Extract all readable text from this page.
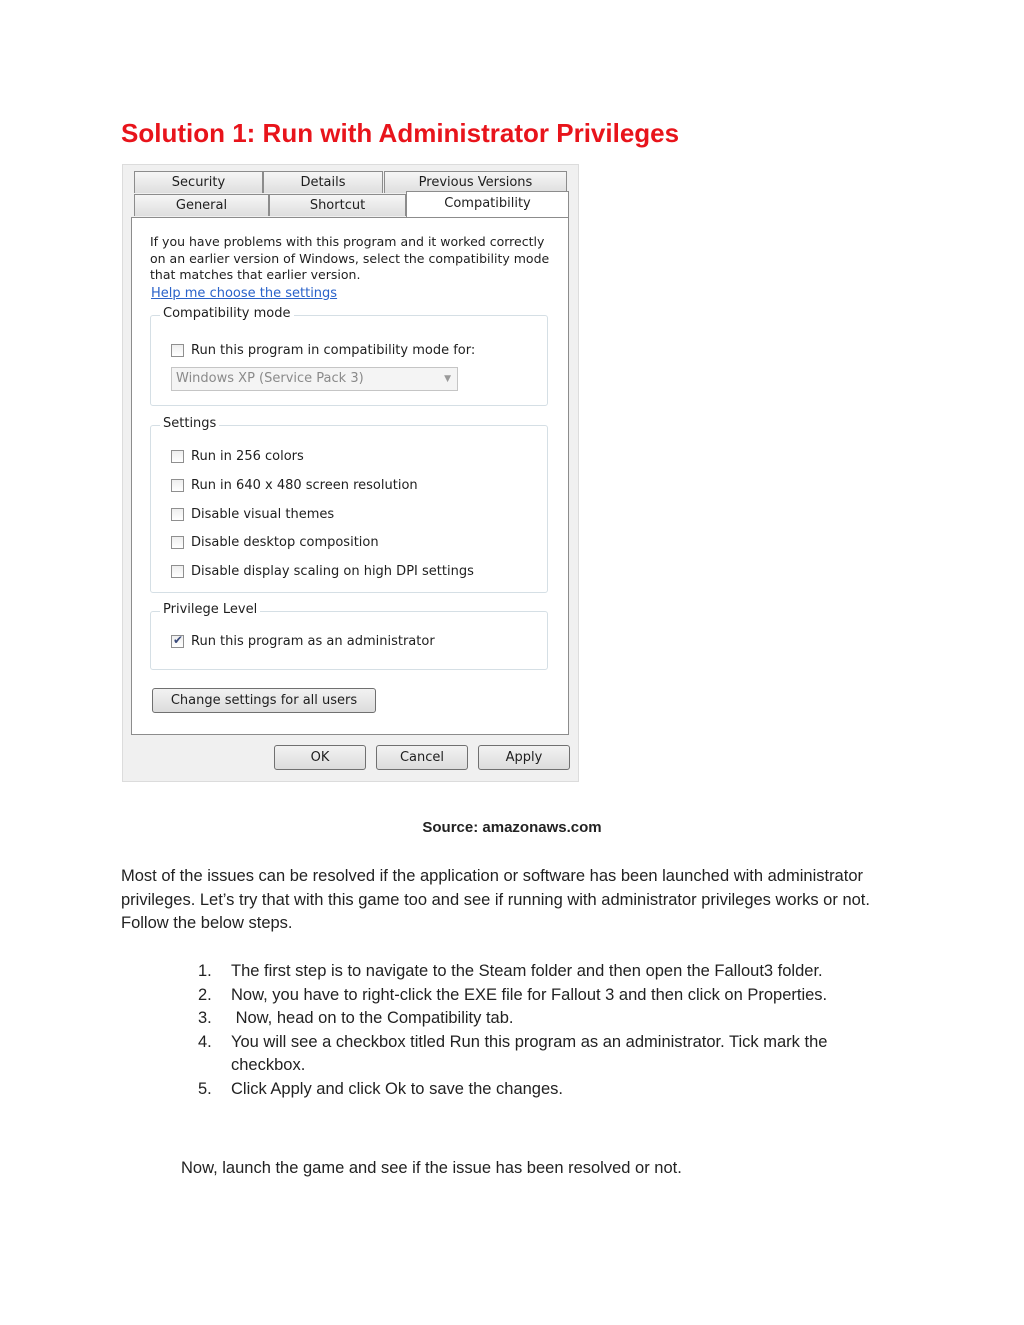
Solution 1: Run with Administrator Privileges
Security	Details	Previous Versions
General	Shortcut	Compatibility

If you have problems with this program and it worked correctly on an earlier version of Windows, select the compatibility mode that matches that earlier version.

Help me choose the settings
Compatibility mode
Run this program in compatibility mode for:
Windows XP (Service Pack 3)	▼
Settings
Run in 256 colors
Run in 640 x 480 screen resolution
Disable visual themes
Disable desktop composition
Disable display scaling on high DPI settings
Privilege Level
✔
Run this program as an administrator
Change settings for all users
OK	Cancel	Apply

Source: amazonaws.com

Most of the issues can be resolved if the application or software has been launched with administrator privileges. Let’s try that with this game too and see if running with administrator privileges works or not. Follow the below steps.

1. The first step is to navigate to the Steam folder and then open the Fallout3 folder.
2. Now, you have to right-click the EXE file for Fallout 3 and then click on Properties.
3. Now, head on to the Compatibility tab.
4. You will see a checkbox titled Run this program as an administrator. Tick mark the checkbox.
5. Click Apply and click Ok to save the changes.

Now, launch the game and see if the issue has been resolved or not.
